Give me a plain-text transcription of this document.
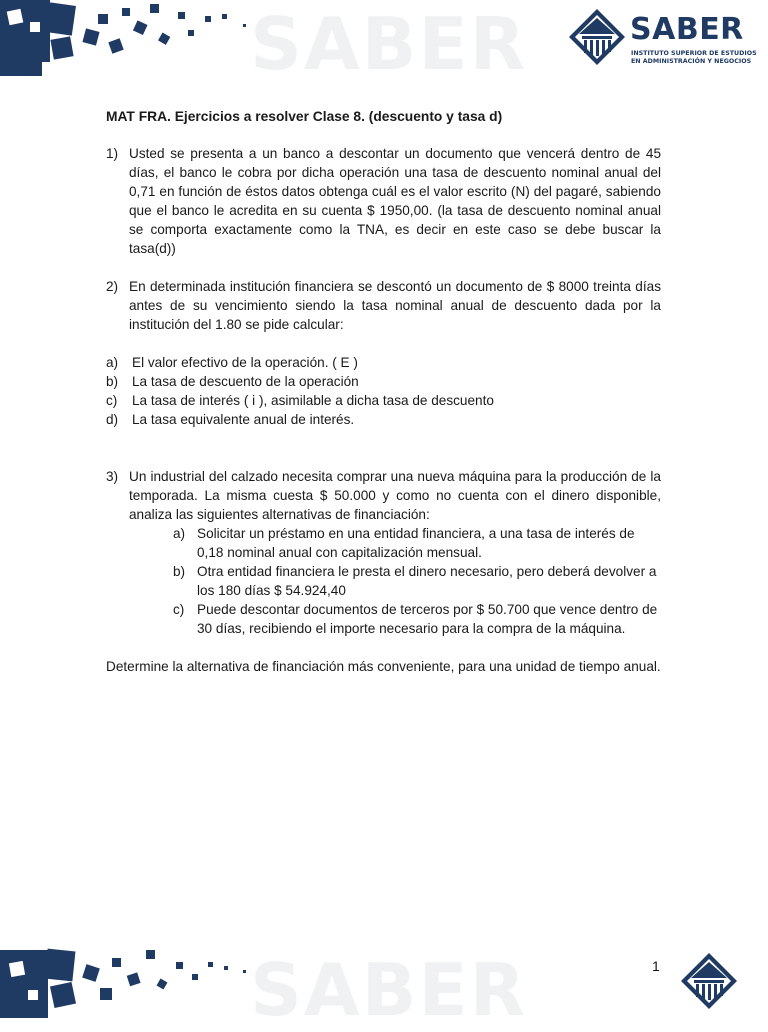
SABER	SABER
INSTITUTO SUPERIOR DE ESTUDIOS
EN ADMINISTRACIÓN Y NEGOCIOS

MAT FRA. Ejercicios a resolver Clase 8. (descuento y tasa d)

1) Usted se presenta a un banco a descontar un documento que vencerá dentro de 45 días, el banco le cobra por dicha operación una tasa de descuento nominal anual del 0,71 en función de éstos datos obtenga cuál es el valor escrito (N) del pagaré, sabiendo que el banco le acredita en su cuenta $ 1950,00. (la tasa de descuento nominal anual se comporta exactamente como la TNA, es decir en este caso se debe buscar la tasa(d))
2) En determinada institución financiera se descontó un documento de $ 8000 treinta días antes de su vencimiento siendo la tasa nominal anual de descuento dada por la institución del 1.80 se pide calcular:
a) El valor efectivo de la operación. ( E )
b) La tasa de descuento de la operación
c) La tasa de interés ( i ), asimilable a dicha tasa de descuento
d) La tasa equivalente anual de interés.
3) Un industrial del calzado necesita comprar una nueva máquina para la producción de la temporada. La misma cuesta $ 50.000 y como no cuenta con el dinero disponible, analiza las siguientes alternativas de financiación:
a) Solicitar un préstamo en una entidad financiera, a una tasa de interés de 0,18 nominal anual con capitalización mensual.
b) Otra entidad financiera le presta el dinero necesario, pero deberá devolver a los 180 días $ 54.924,40
c) Puede descontar documentos de terceros por $ 50.700 que vence dentro de 30 días, recibiendo el importe necesario para la compra de la máquina.

Determine la alternativa de financiación más conveniente, para una unidad de tiempo anual.

SABER	1
